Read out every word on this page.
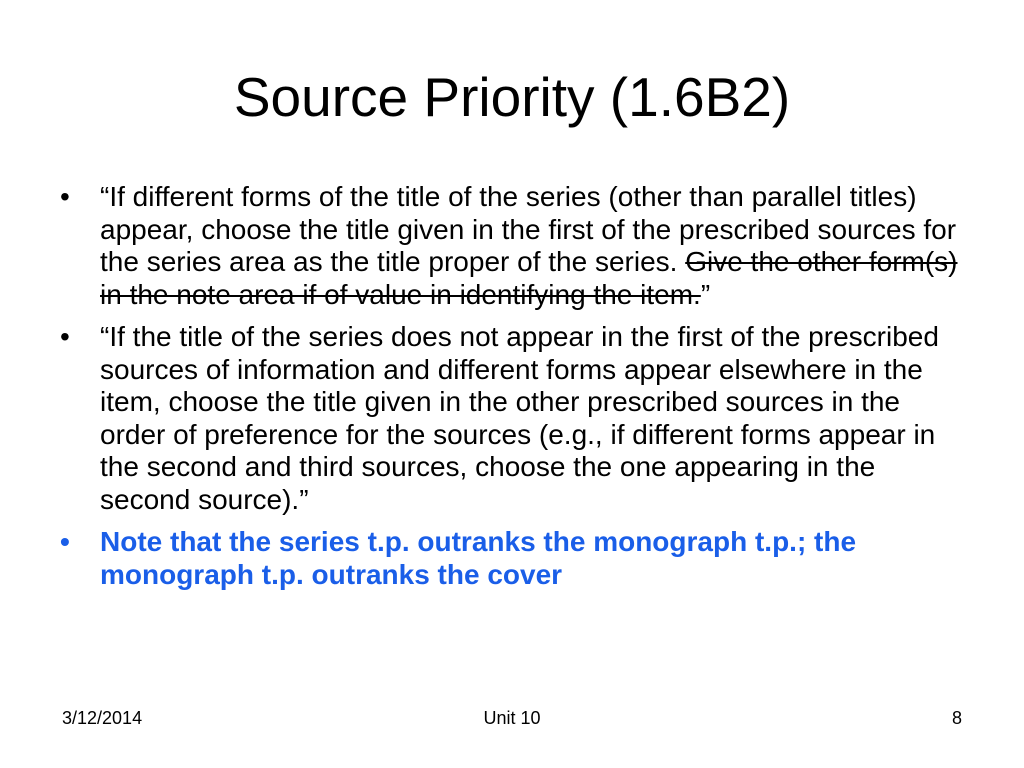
Source Priority (1.6B2)
• “If different forms of the title of the series (other than parallel titles) appear, choose the title given in the first of the prescribed sources for the series area as the title proper of the series. Give the other form(s) in the note area if of value in identifying the item.”
• “If the title of the series does not appear in the first of the prescribed sources of information and different forms appear elsewhere in the item, choose the title given in the other prescribed sources in the order of preference for the sources (e.g., if different forms appear in the second and third sources, choose the one appearing in the second source).”
• Note that the series t.p. outranks the monograph t.p.; the monograph t.p. outranks the cover
3/12/2014	Unit 10	8
